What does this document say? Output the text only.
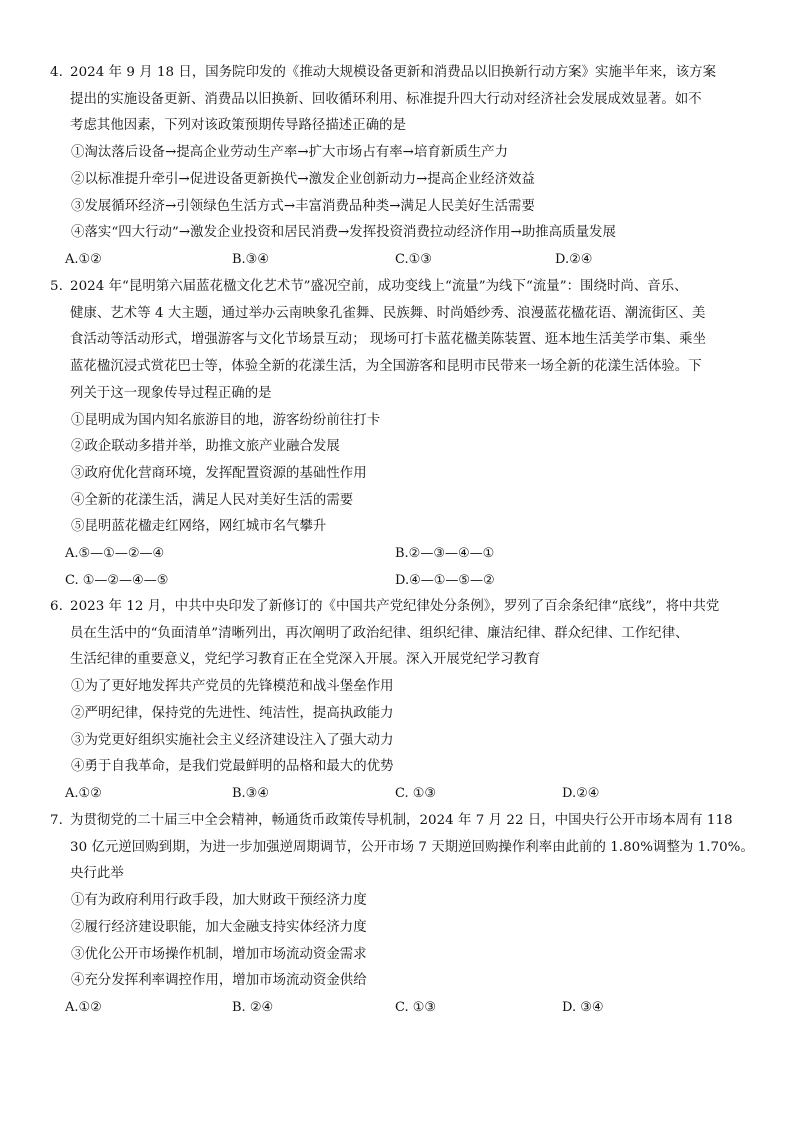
4. 2024 年 9 月 18 日，国务院印发的《推动大规模设备更新和消费品以旧换新行动方案》实施半年来，该方案
提出的实施设备更新、消费品以旧换新、回收循环利用、标准提升四大行动对经济社会发展成效显著。如不
考虑其他因素，下列对该政策预期传导路径描述正确的是
①淘汰落后设备→提高企业劳动生产率→扩大市场占有率→培育新质生产力
②以标准提升牵引→促进设备更新换代→激发企业创新动力→提高企业经济效益
③发展循环经济→引领绿色生活方式→丰富消费品种类→满足人民美好生活需要
④落实“四大行动”→激发企业投资和居民消费→发挥投资消费拉动经济作用→助推高质量发展
A.①②	B.③④	C.①③	D.②④
5. 2024 年“昆明第六届蓝花楹文化艺术节”盛况空前，成功变线上“流量”为线下“流量”：围绕时尚、音乐、
健康、艺术等 4 大主题，通过举办云南映象孔雀舞、民族舞、时尚婚纱秀、浪漫蓝花楹花语、潮流街区、美
食活动等活动形式，增强游客与文化节场景互动； 现场可打卡蓝花楹美陈装置、逛本地生活美学市集、乘坐
蓝花楹沉浸式赏花巴士等，体验全新的花漾生活，为全国游客和昆明市民带来一场全新的花漾生活体验。下
列关于这一现象传导过程正确的是
①昆明成为国内知名旅游目的地，游客纷纷前往打卡
②政企联动多措并举，助推文旅产业融合发展
③政府优化营商环境，发挥配置资源的基础性作用
④全新的花漾生活，满足人民对美好生活的需要
⑤昆明蓝花楹走红网络，网红城市名气攀升
A.⑤—①—②—④	B.②—③—④—①
C. ①—②—④—⑤	D.④—①—⑤—②
6. 2023 年 12 月，中共中央印发了新修订的《中国共产党纪律处分条例》，罗列了百余条纪律“底线”，将中共党
员在生活中的“负面清单”清晰列出，再次阐明了政治纪律、组织纪律、廉洁纪律、群众纪律、工作纪律、
生活纪律的重要意义，党纪学习教育正在全党深入开展。深入开展党纪学习教育
①为了更好地发挥共产党员的先锋模范和战斗堡垒作用
②严明纪律，保持党的先进性、纯洁性，提高执政能力
③为党更好组织实施社会主义经济建设注入了强大动力
④勇于自我革命，是我们党最鲜明的品格和最大的优势
A.①②	B.③④	C. ①③	D.②④
7. 为贯彻党的二十届三中全会精神，畅通货币政策传导机制，2024 年 7 月 22 日，中国央行公开市场本周有 118
30 亿元逆回购到期，为进一步加强逆周期调节，公开市场 7 天期逆回购操作利率由此前的 1.80%调整为 1.70%。
央行此举
①有为政府利用行政手段，加大财政干预经济力度
②履行经济建设职能，加大金融支持实体经济力度
③优化公开市场操作机制，增加市场流动资金需求
④充分发挥利率调控作用，增加市场流动资金供给
A.①②	B. ②④	C. ①③	D. ③④
